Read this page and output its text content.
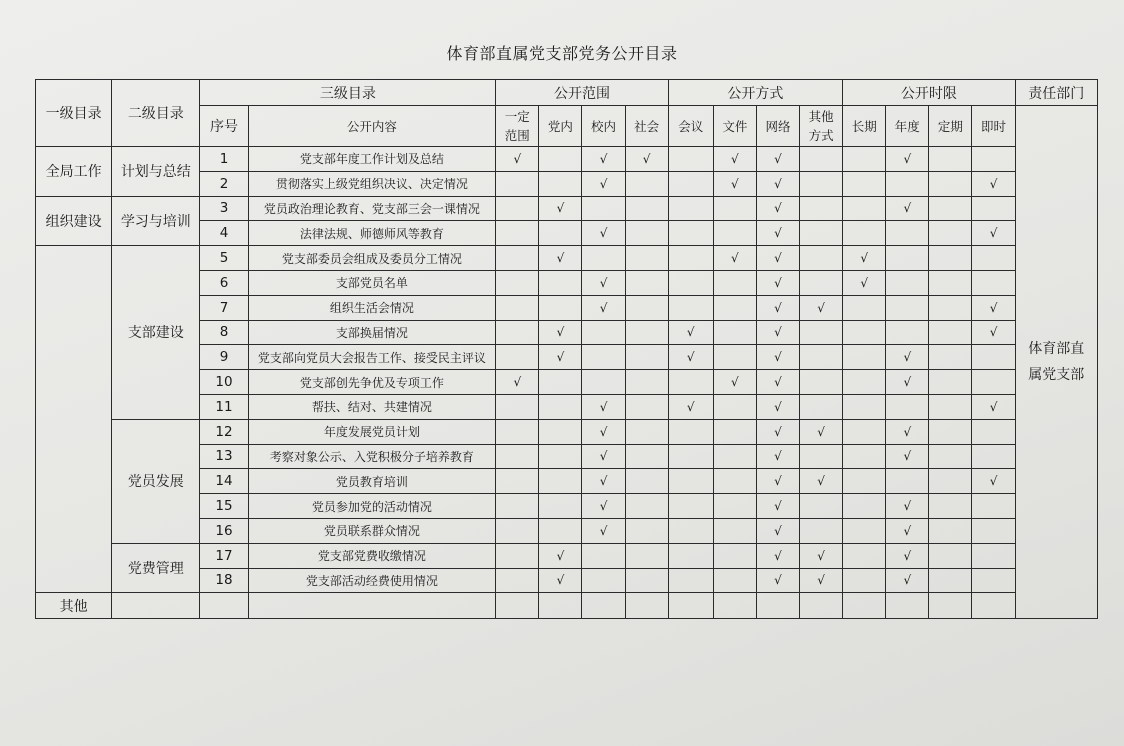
体育部直属党支部党务公开目录
一级目录	二级目录	三级目录		公开范围				公开方式				公开时限				责任部门
		序号	公开内容	一定范围	党内	校内	社会	会议	文件	网络	其他方式	长期	年度	定期	即时	体育部直
属党支部

全局工作	计划与总结	1	党支部年度工作计划及总结	√		√	√		√	√			√			
		2	贯彻落实上级党组织决议、决定情况			√			√	√					√	
组织建设	学习与培训	3	党员政治理论教育、党支部三会一课情况		√					√			√			
		4	法律法规、师德师风等教育			√				√					√	
	支部建设	5	党支部委员会组成及委员分工情况		√				√	√		√				
		6	支部党员名单			√				√		√				
		7	组织生活会情况			√				√	√				√	
		8	支部换届情况		√			√		√					√	
		9	党支部向党员大会报告工作、接受民主评议		√			√		√			√			
		10	党支部创先争优及专项工作	√					√	√			√			
		11	帮扶、结对、共建情况			√		√		√					√	
	党员发展	12	年度发展党员计划			√				√	√		√			
		13	考察对象公示、入党积极分子培养教育			√				√			√			
		14	党员教育培训			√				√	√				√	
		15	党员参加党的活动情况			√				√			√			
		16	党员联系群众情况			√				√			√			
	党费管理	17	党支部党费收缴情况		√					√	√		√			
		18	党支部活动经费使用情况		√					√	√		√			
其他																
